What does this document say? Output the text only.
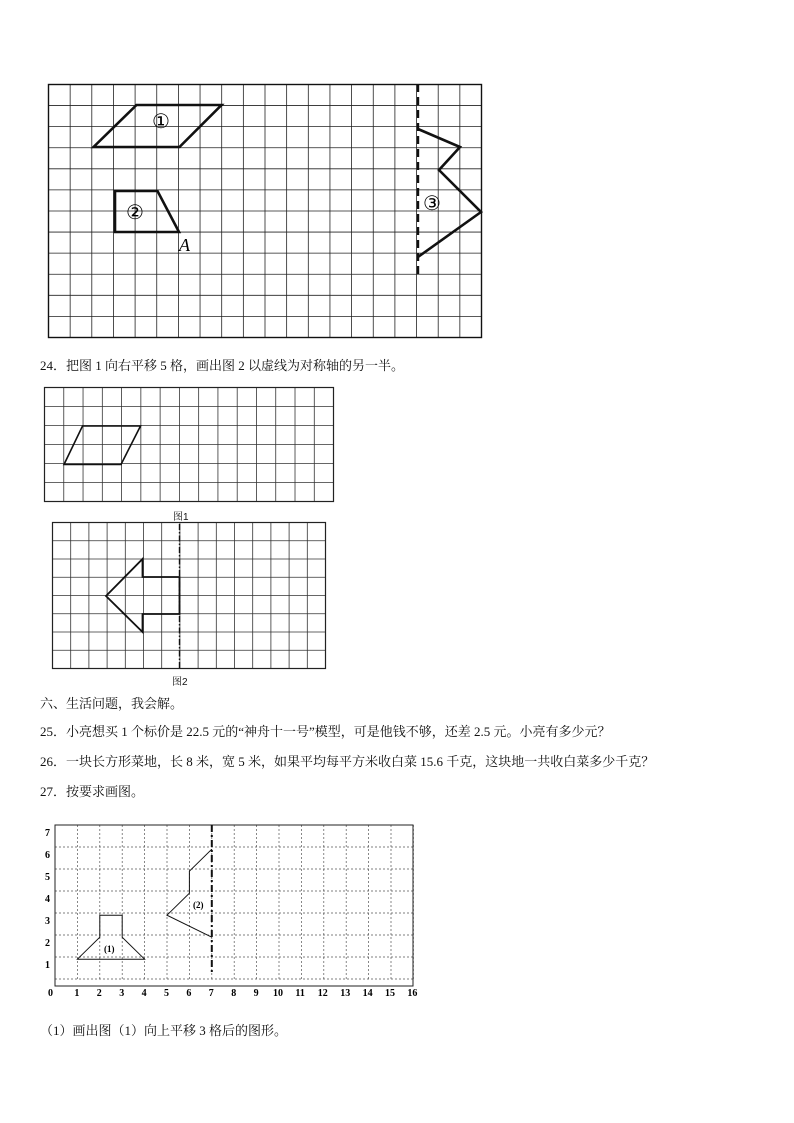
①
②	③
A
24．把图 1 向右平移 5 格，画出图 2 以虚线为对称轴的另一半。
图1
图2
六、生活问题，我会解。
25．小亮想买 1 个标价是 22.5 元的“神舟十一号”模型，可是他钱不够，还差 2.5 元。小亮有多少元？
26．一块长方形菜地，长 8 米，宽 5 米，如果平均每平方米收白菜 15.6 千克，这块地一共收白菜多少千克？
27．按要求画图。
0 1 2 3 4 5 6 7 8 9 10 11 12 13 14 15 16
1
2
3
4
5
6
7
(1)
(2)
（1）画出图（1）向上平移 3 格后的图形。
